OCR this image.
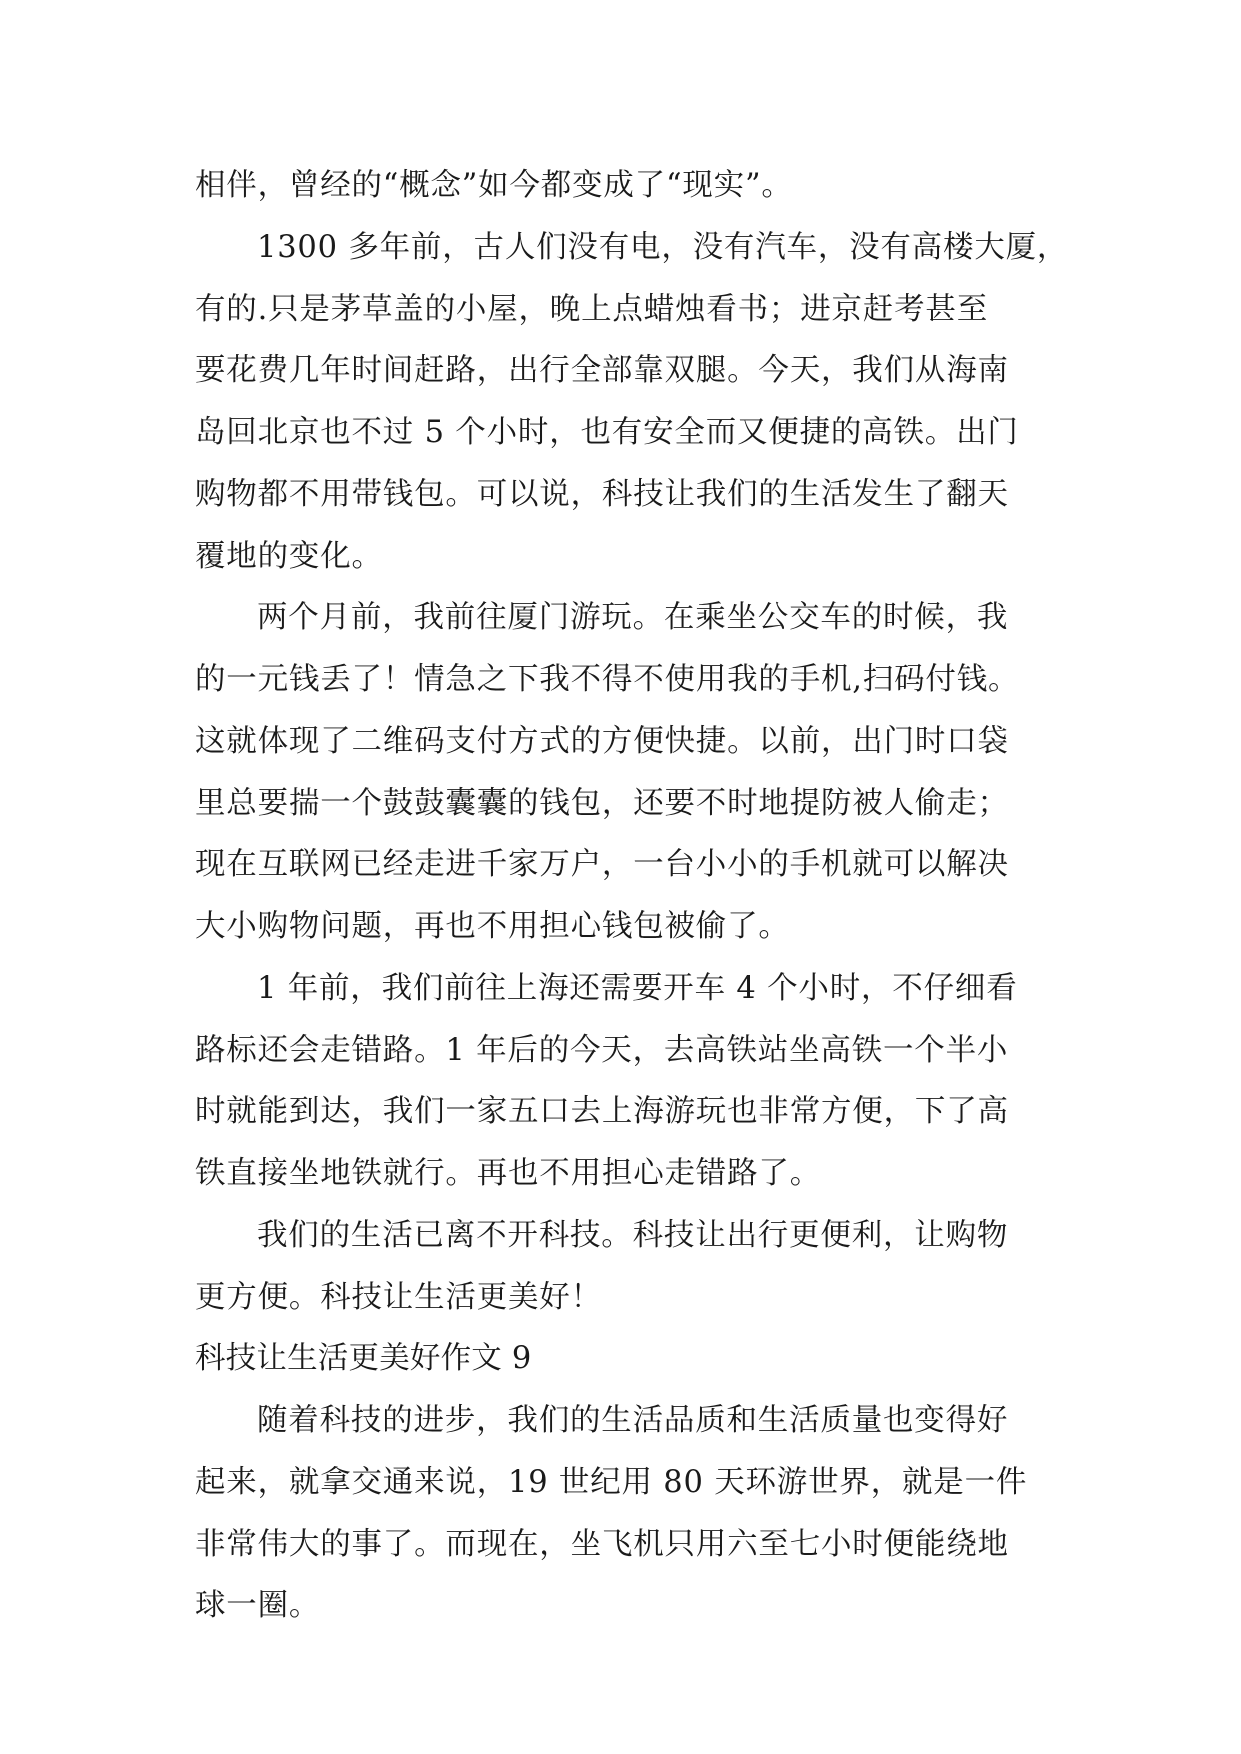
相伴，曾经的“概念”如今都变成了“现实”。

1300 多年前，古人们没有电，没有汽车，没有高楼大厦，

有的.只是茅草盖的小屋，晚上点蜡烛看书；进京赶考甚至

要花费几年时间赶路，出行全部靠双腿。今天，我们从海南

岛回北京也不过 5 个小时，也有安全而又便捷的高铁。出门

购物都不用带钱包。可以说，科技让我们的生活发生了翻天

覆地的变化。

两个月前，我前往厦门游玩。在乘坐公交车的时候，我

的一元钱丢了！情急之下我不得不使用我的手机,扫码付钱。

这就体现了二维码支付方式的方便快捷。以前，出门时口袋

里总要揣一个鼓鼓囊囊的钱包，还要不时地提防被人偷走；

现在互联网已经走进千家万户，一台小小的手机就可以解决

大小购物问题，再也不用担心钱包被偷了。

1 年前，我们前往上海还需要开车 4 个小时，不仔细看

路标还会走错路。1 年后的今天，去高铁站坐高铁一个半小

时就能到达，我们一家五口去上海游玩也非常方便，下了高

铁直接坐地铁就行。再也不用担心走错路了。

我们的生活已离不开科技。科技让出行更便利，让购物

更方便。科技让生活更美好！

科技让生活更美好作文 9

随着科技的进步，我们的生活品质和生活质量也变得好

起来，就拿交通来说，19 世纪用 80 天环游世界，就是一件

非常伟大的事了。而现在，坐飞机只用六至七小时便能绕地

球一圈。
